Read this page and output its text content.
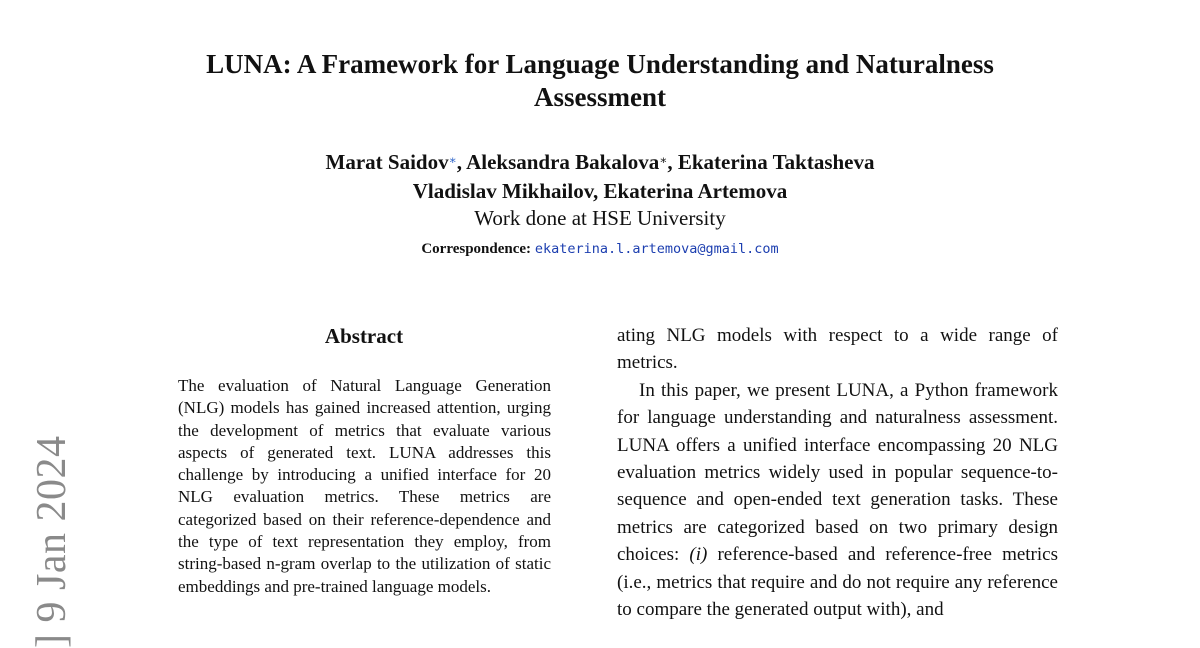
] 9 Jan 2024
LUNA: A Framework for Language Understanding and Naturalness Assessment
Marat Saidov∗, Aleksandra Bakalova∗, Ekaterina Taktasheva
Vladislav Mikhailov, Ekaterina Artemova
Work done at HSE University
Correspondence: ekaterina.l.artemova@gmail.com
Abstract
The evaluation of Natural Language Generation (NLG) models has gained increased attention, urging the development of metrics that evaluate various aspects of generated text. LUNA addresses this challenge by introducing a unified interface for 20 NLG evaluation metrics. These metrics are categorized based on their reference-dependence and the type of text representation they employ, from string-based n-gram overlap to the utilization of static embeddings and pre-trained language models.

ating NLG models with respect to a wide range of metrics.

In this paper, we present LUNA, a Python framework for language understanding and naturalness assessment. LUNA offers a unified interface encompassing 20 NLG evaluation metrics widely used in popular sequence-to-sequence and open-ended text generation tasks. These metrics are categorized based on two primary design choices: (i) reference-based and reference-free metrics (i.e., metrics that require and do not require any reference to compare the generated output with), and
